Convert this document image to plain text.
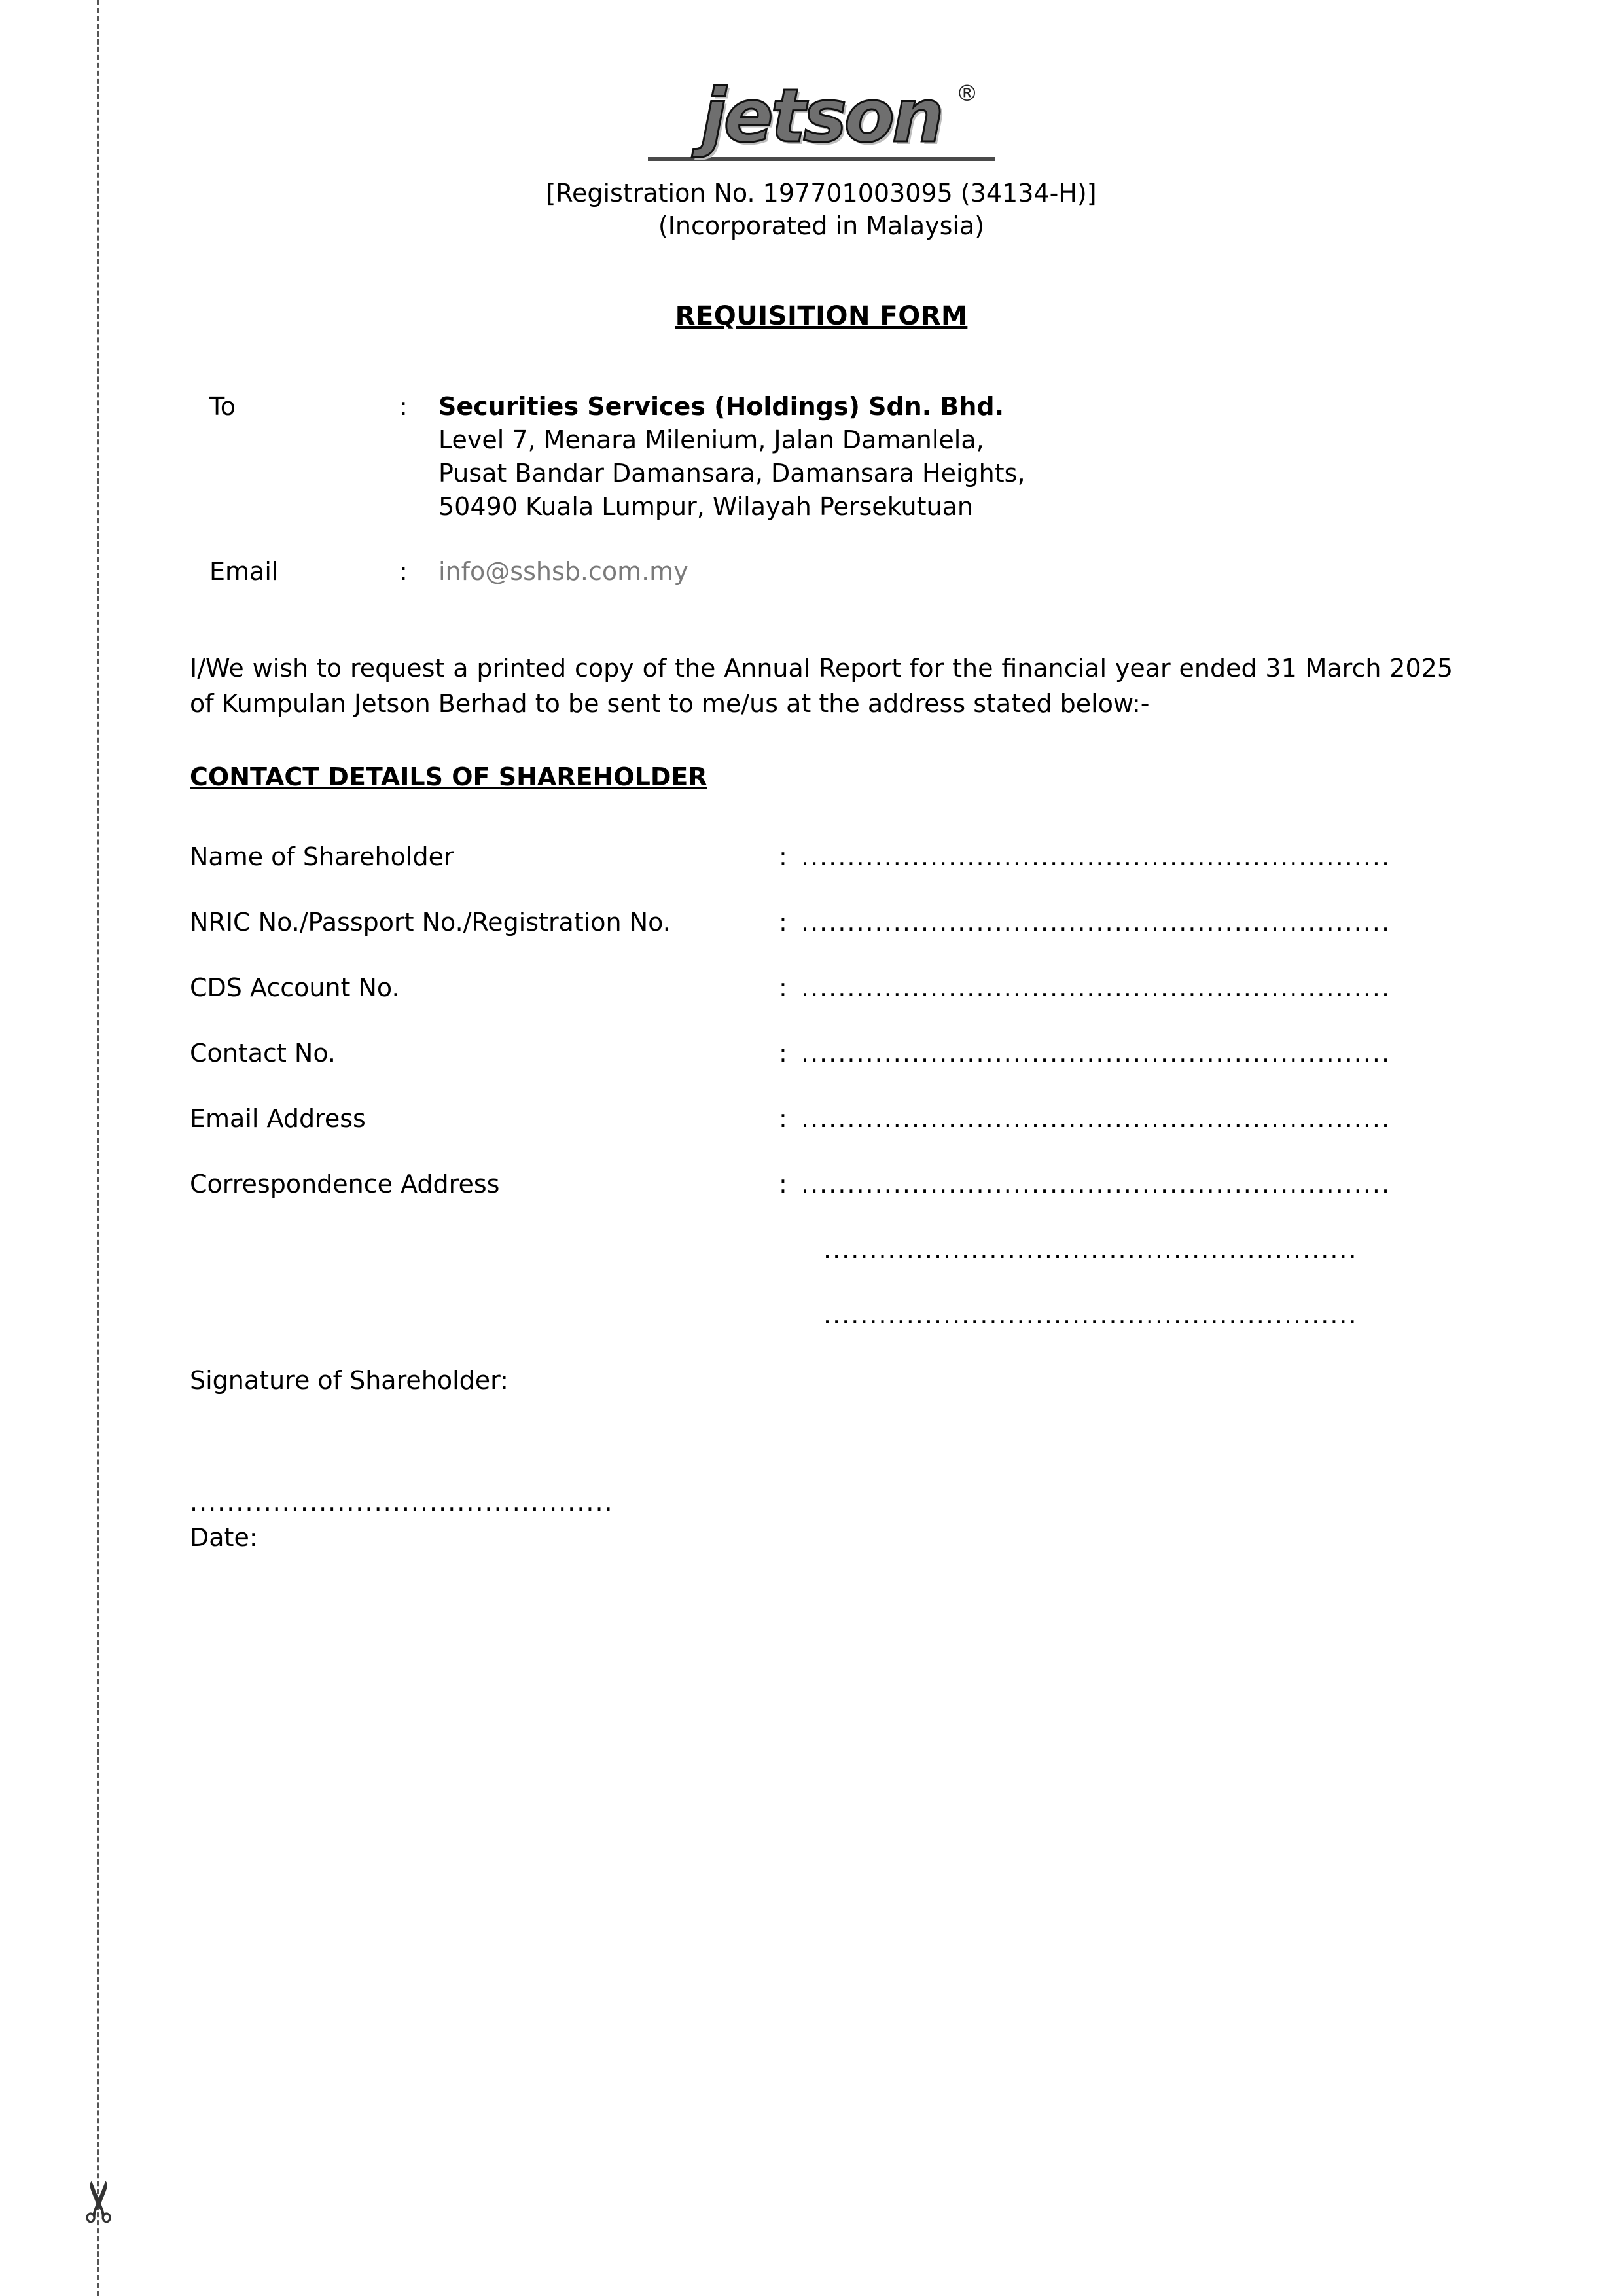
✂
jetson ®
[Registration No. 197701003095 (34134-H)]
(Incorporated in Malaysia)
REQUISITION FORM
To	:	Securities Services (Holdings) Sdn. Bhd.
Level 7, Menara Milenium, Jalan Damanlela,
Pusat Bandar Damansara, Damansara Heights,
50490 Kuala Lumpur, Wilayah Persekutuan
Email	:	info@sshsb.com.my
I/We wish to request a printed copy of the Annual Report for the financial year ended 31 March 2025 of Kumpulan Jetson Berhad to be sent to me/us at the address stated below:-
CONTACT DETAILS OF SHAREHOLDER
Name of Shareholder	: ................................................................
NRIC No./Passport No./Registration No.	: ................................................................
CDS Account No.	: ................................................................
Contact No.	: ................................................................
Email Address	: ................................................................
Correspondence Address	: ................................................................
..........................................................
..........................................................
Signature of Shareholder:
..............................................
Date:
